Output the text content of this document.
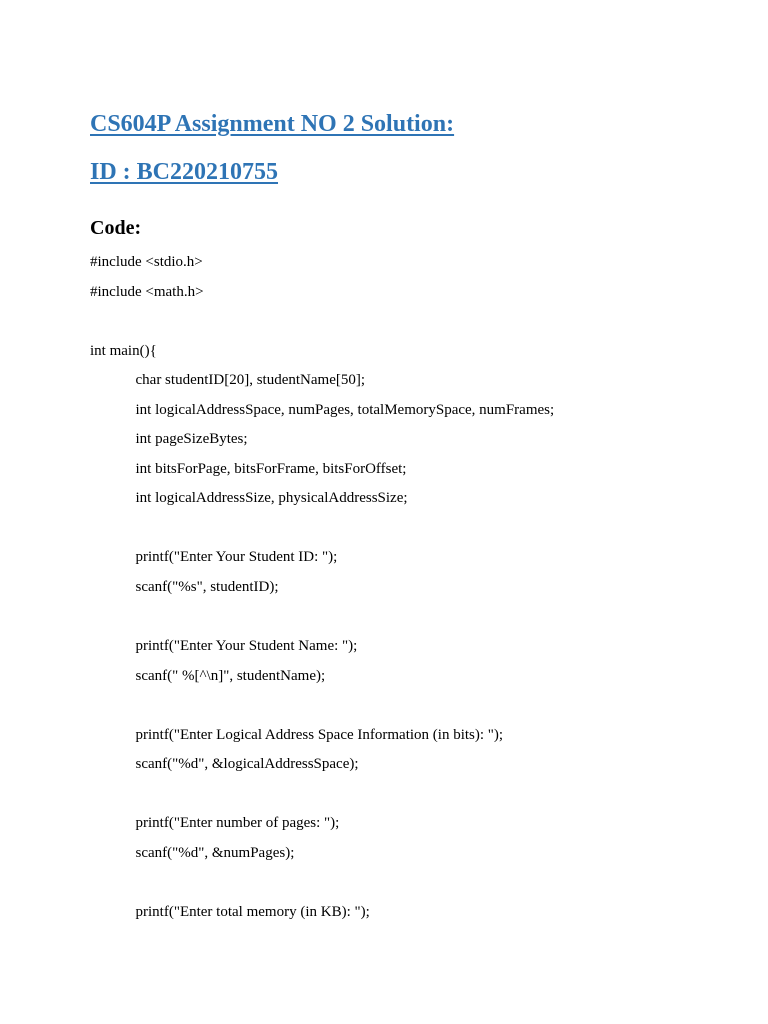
CS604P Assignment NO 2 Solution:
ID : BC220210755
Code:
#include <stdio.h>
#include <math.h>
int main(){
char studentID[20], studentName[50];
int logicalAddressSpace, numPages, totalMemorySpace, numFrames;
int pageSizeBytes;
int bitsForPage, bitsForFrame, bitsForOffset;
int logicalAddressSize, physicalAddressSize;
printf("Enter Your Student ID: ");
scanf("%s", studentID);
printf("Enter Your Student Name: ");
scanf(" %[^\n]", studentName);
printf("Enter Logical Address Space Information (in bits): ");
scanf("%d", &logicalAddressSpace);
printf("Enter number of pages: ");
scanf("%d", &numPages);
printf("Enter total memory (in KB): ");
